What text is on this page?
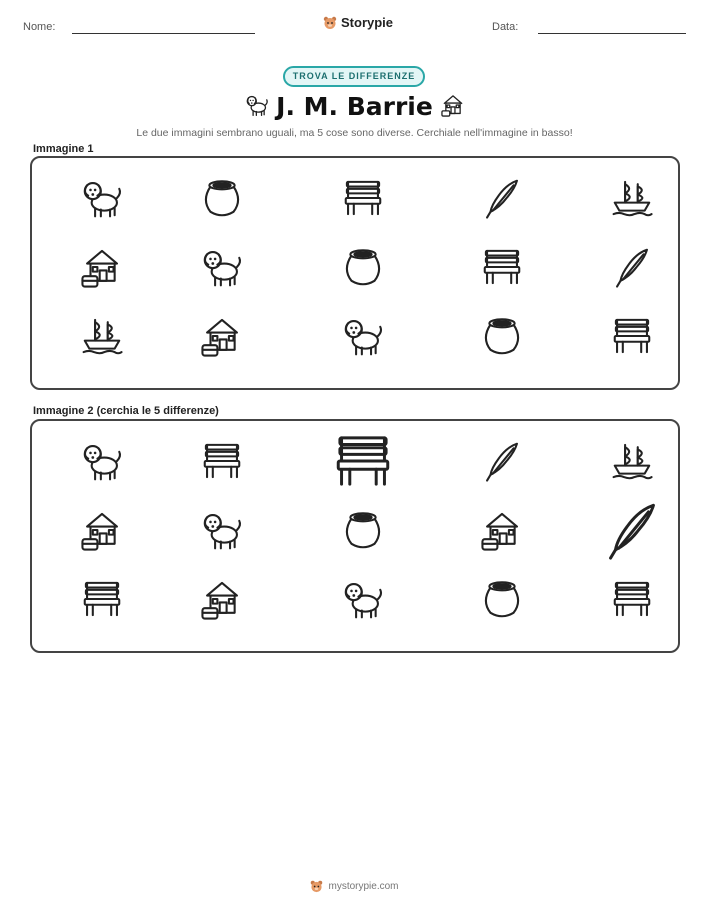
Nome:	Storypie	Data:
TROVA LE DIFFERENZE
J. M. Barrie
Le due immagini sembrano uguali, ma 5 cose sono diverse. Cerchiale nell'immagine in basso!
Immagine 1
Immagine 2 (cerchia le 5 differenze)
mystorypie.com
